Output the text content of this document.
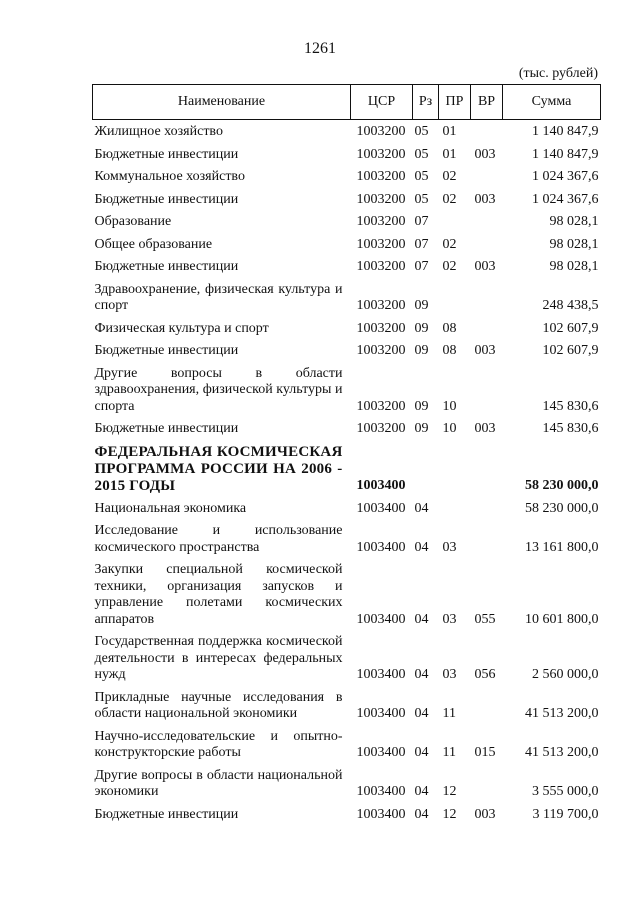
1261
(тыс. рублей)
Наименование	ЦСР	Рз	ПР	ВР	Сумма
Жилищное хозяйство	1003200	05	01		1 140 847,9
Бюджетные инвестиции	1003200	05	01	003	1 140 847,9
Коммунальное хозяйство	1003200	05	02		1 024 367,6
Бюджетные инвестиции	1003200	05	02	003	1 024 367,6
Образование	1003200	07			98 028,1
Общее образование	1003200	07	02		98 028,1
Бюджетные инвестиции	1003200	07	02	003	98 028,1
Здравоохранение, физическая культура и спорт	1003200	09			248 438,5
Физическая культура и спорт	1003200	09	08		102 607,9
Бюджетные инвестиции	1003200	09	08	003	102 607,9
Другие вопросы в области здравоохранения, физической культуры и спорта	1003200	09	10		145 830,6
Бюджетные инвестиции	1003200	09	10	003	145 830,6
ФЕДЕРАЛЬНАЯ КОСМИЧЕСКАЯ ПРОГРАММА РОССИИ НА 2006 - 2015 ГОДЫ	1003400				58 230 000,0
Национальная экономика	1003400	04			58 230 000,0
Исследование и использование космического пространства	1003400	04	03		13 161 800,0
Закупки специальной космической техники, организация запусков и управление полетами космических аппаратов	1003400	04	03	055	10 601 800,0
Государственная поддержка космической деятельности в интересах федеральных нужд	1003400	04	03	056	2 560 000,0
Прикладные научные исследования в области национальной экономики	1003400	04	11		41 513 200,0
Научно-исследовательские и опытно-конструкторские работы	1003400	04	11	015	41 513 200,0
Другие вопросы в области национальной экономики	1003400	04	12		3 555 000,0
Бюджетные инвестиции	1003400	04	12	003	3 119 700,0
